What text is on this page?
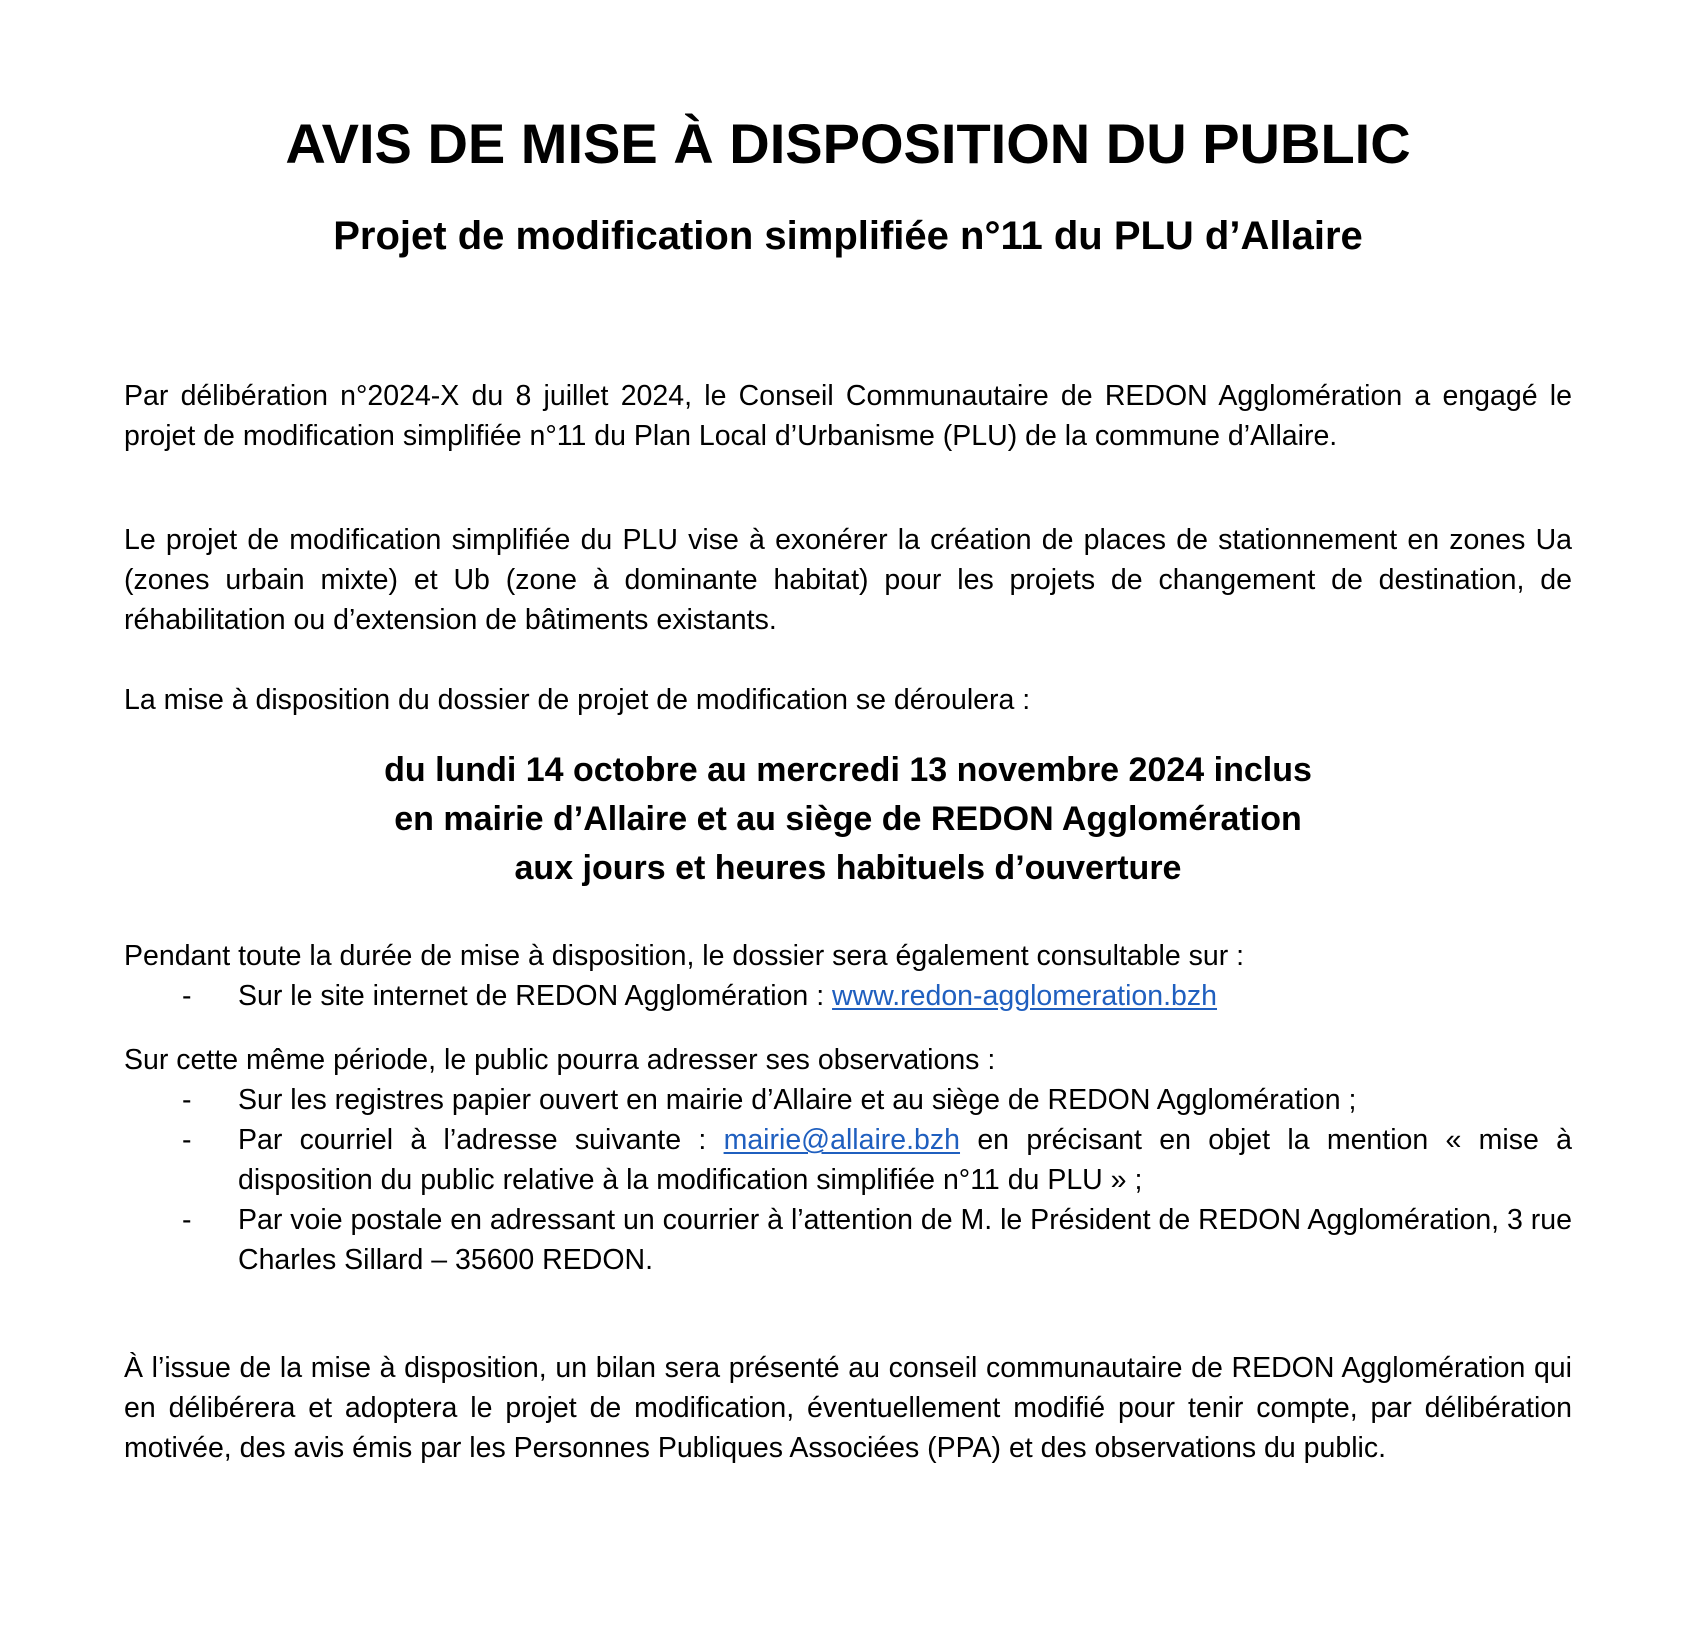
AVIS DE MISE À DISPOSITION DU PUBLIC
Projet de modification simplifiée n°11 du PLU d’Allaire

Par délibération n°2024-X du 8 juillet 2024, le Conseil Communautaire de REDON Agglomération a engagé le projet de modification simplifiée n°11 du Plan Local d’Urbanisme (PLU) de la commune d’Allaire.

Le projet de modification simplifiée du PLU vise à exonérer la création de places de stationnement en zones Ua (zones urbain mixte) et Ub (zone à dominante habitat) pour les projets de changement de destination, de réhabilitation ou d’extension de bâtiments existants.

La mise à disposition du dossier de projet de modification se déroulera :

du lundi 14 octobre au mercredi 13 novembre 2024 inclus
en mairie d’Allaire et au siège de REDON Agglomération
aux jours et heures habituels d’ouverture

Pendant toute la durée de mise à disposition, le dossier sera également consultable sur :

- Sur le site internet de REDON Agglomération : www.redon-agglomeration.bzh

Sur cette même période, le public pourra adresser ses observations :

- Sur les registres papier ouvert en mairie d’Allaire et au siège de REDON Agglomération ;
- Par courriel à l’adresse suivante : mairie@allaire.bzh en précisant en objet la mention « mise à disposition du public relative à la modification simplifiée n°11 du PLU » ;
- Par voie postale en adressant un courrier à l’attention de M. le Président de REDON Agglomération, 3 rue Charles Sillard – 35600 REDON.

À l’issue de la mise à disposition, un bilan sera présenté au conseil communautaire de REDON Agglomération qui en délibérera et adoptera le projet de modification, éventuellement modifié pour tenir compte, par délibération motivée, des avis émis par les Personnes Publiques Associées (PPA) et des observations du public.
